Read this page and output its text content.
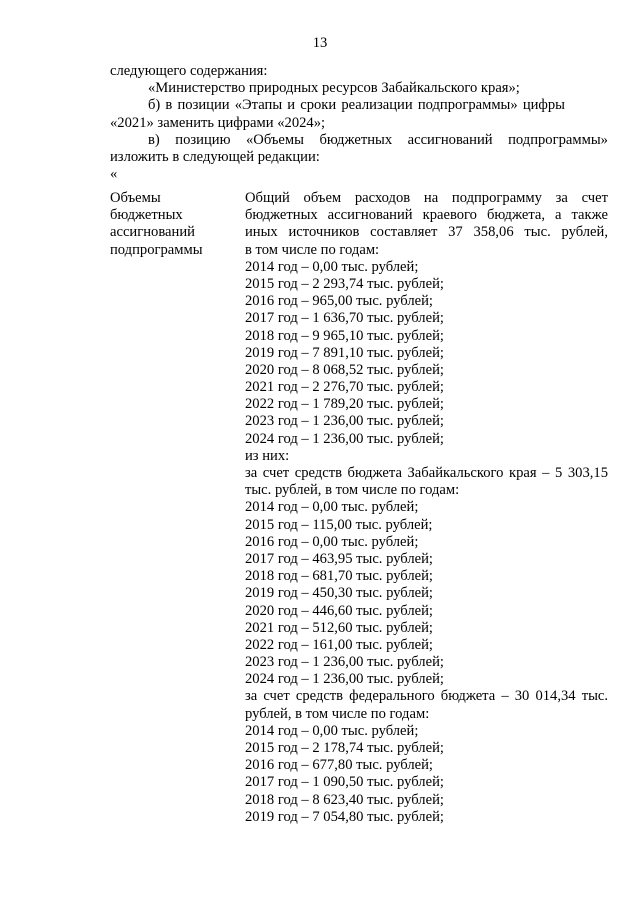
13
следующего содержания:
«Министерство природных ресурсов Забайкальского края»;
б) в позиции «Этапы и сроки реализации подпрограммы» цифры
«2021» заменить цифрами «2024»;
в) позицию «Объемы бюджетных ассигнований подпрограммы»
изложить в следующей редакции:
«
Объемы
бюджетных
ассигнований
подпрограммы
Общий объем расходов на подпрограмму за счет
бюджетных ассигнований краевого бюджета, а также
иных источников составляет 37 358,06 тыс. рублей,
в том числе по годам:
2014 год – 0,00 тыс. рублей;
2015 год – 2 293,74 тыс. рублей;
2016 год – 965,00 тыс. рублей;
2017 год – 1 636,70 тыс. рублей;
2018 год – 9 965,10 тыс. рублей;
2019 год – 7 891,10 тыс. рублей;
2020 год – 8 068,52 тыс. рублей;
2021 год – 2 276,70 тыс. рублей;
2022 год – 1 789,20 тыс. рублей;
2023 год – 1 236,00 тыс. рублей;
2024 год – 1 236,00 тыс. рублей;
из них:
за счет средств бюджета Забайкальского края – 5 303,15
тыс. рублей, в том числе по годам:
2014 год – 0,00 тыс. рублей;
2015 год – 115,00 тыс. рублей;
2016 год – 0,00 тыс. рублей;
2017 год – 463,95 тыс. рублей;
2018 год – 681,70 тыс. рублей;
2019 год – 450,30 тыс. рублей;
2020 год – 446,60 тыс. рублей;
2021 год – 512,60 тыс. рублей;
2022 год – 161,00 тыс. рублей;
2023 год – 1 236,00 тыс. рублей;
2024 год – 1 236,00 тыс. рублей;
за счет средств федерального бюджета – 30 014,34 тыс.
рублей, в том числе по годам:
2014 год – 0,00 тыс. рублей;
2015 год – 2 178,74 тыс. рублей;
2016 год – 677,80 тыс. рублей;
2017 год – 1 090,50 тыс. рублей;
2018 год – 8 623,40 тыс. рублей;
2019 год – 7 054,80 тыс. рублей;
